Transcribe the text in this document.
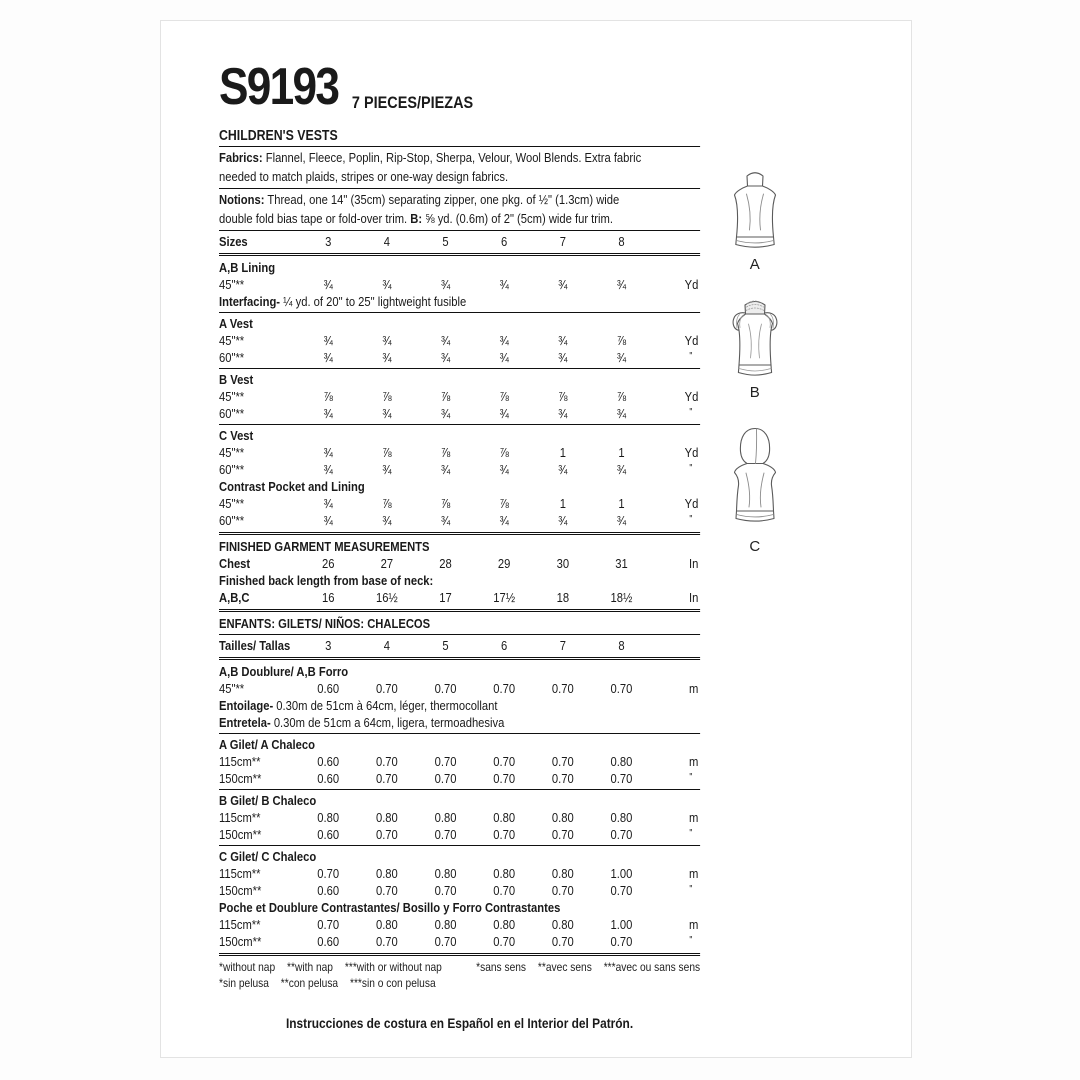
S9193 7 PIECES/PIEZAS
CHILDREN'S VESTS
Fabrics: Flannel, Fleece, Poplin, Rip-Stop, Sherpa, Velour, Wool Blends. Extra fabric
needed to match plaids, stripes or one-way design fabrics.
Notions: Thread, one 14" (35cm) separating zipper, one pkg. of ½" (1.3cm) wide
double fold bias tape or fold-over trim. B: ⅝ yd. (0.6m) of 2" (5cm) wide fur trim.
Sizes	3	4	5	6	7	8
A,B Lining
45"**	¾	¾	¾	¾	¾	¾	Yd
Interfacing- ¼ yd. of 20" to 25" lightweight fusible
A Vest
45"**	¾	¾	¾	¾	¾	⅞	Yd
60"**	¾	¾	¾	¾	¾	¾	"
B Vest
45"**	⅞	⅞	⅞	⅞	⅞	⅞	Yd
60"**	¾	¾	¾	¾	¾	¾	"
C Vest
45"**	¾	⅞	⅞	⅞	1	1	Yd
60"**	¾	¾	¾	¾	¾	¾	"
Contrast Pocket and Lining
45"**	¾	⅞	⅞	⅞	1	1	Yd
60"**	¾	¾	¾	¾	¾	¾	"
FINISHED GARMENT MEASUREMENTS
Chest	26	27	28	29	30	31	In
Finished back length from base of neck:
A,B,C	16	16½	17	17½	18	18½	In
ENFANTS: GILETS/ NIÑOS: CHALECOS
Tailles/ Tallas	3	4	5	6	7	8
A,B Doublure/ A,B Forro
45"**	0.60	0.70	0.70	0.70	0.70	0.70	m
Entoilage- 0.30m de 51cm à 64cm, léger, thermocollant
Entretela- 0.30m de 51cm a 64cm, ligera, termoadhesiva
A Gilet/ A Chaleco
115cm**	0.60	0.70	0.70	0.70	0.70	0.80	m
150cm**	0.60	0.70	0.70	0.70	0.70	0.70	"
B Gilet/ B Chaleco
115cm**	0.80	0.80	0.80	0.80	0.80	0.80	m
150cm**	0.60	0.70	0.70	0.70	0.70	0.70	"
C Gilet/ C Chaleco
115cm**	0.70	0.80	0.80	0.80	0.80	1.00	m
150cm**	0.60	0.70	0.70	0.70	0.70	0.70	"
Poche et Doublure Contrastantes/ Bosillo y Forro Contrastantes
115cm**	0.70	0.80	0.80	0.80	0.80	1.00	m
150cm**	0.60	0.70	0.70	0.70	0.70	0.70	"
*without nap **with nap ***with or without nap	*sans sens **avec sens ***avec ou sans sens
*sin pelusa **con pelusa ***sin o con pelusa
Instrucciones de costura en Español en el Interior del Patrón.
A
B
C
